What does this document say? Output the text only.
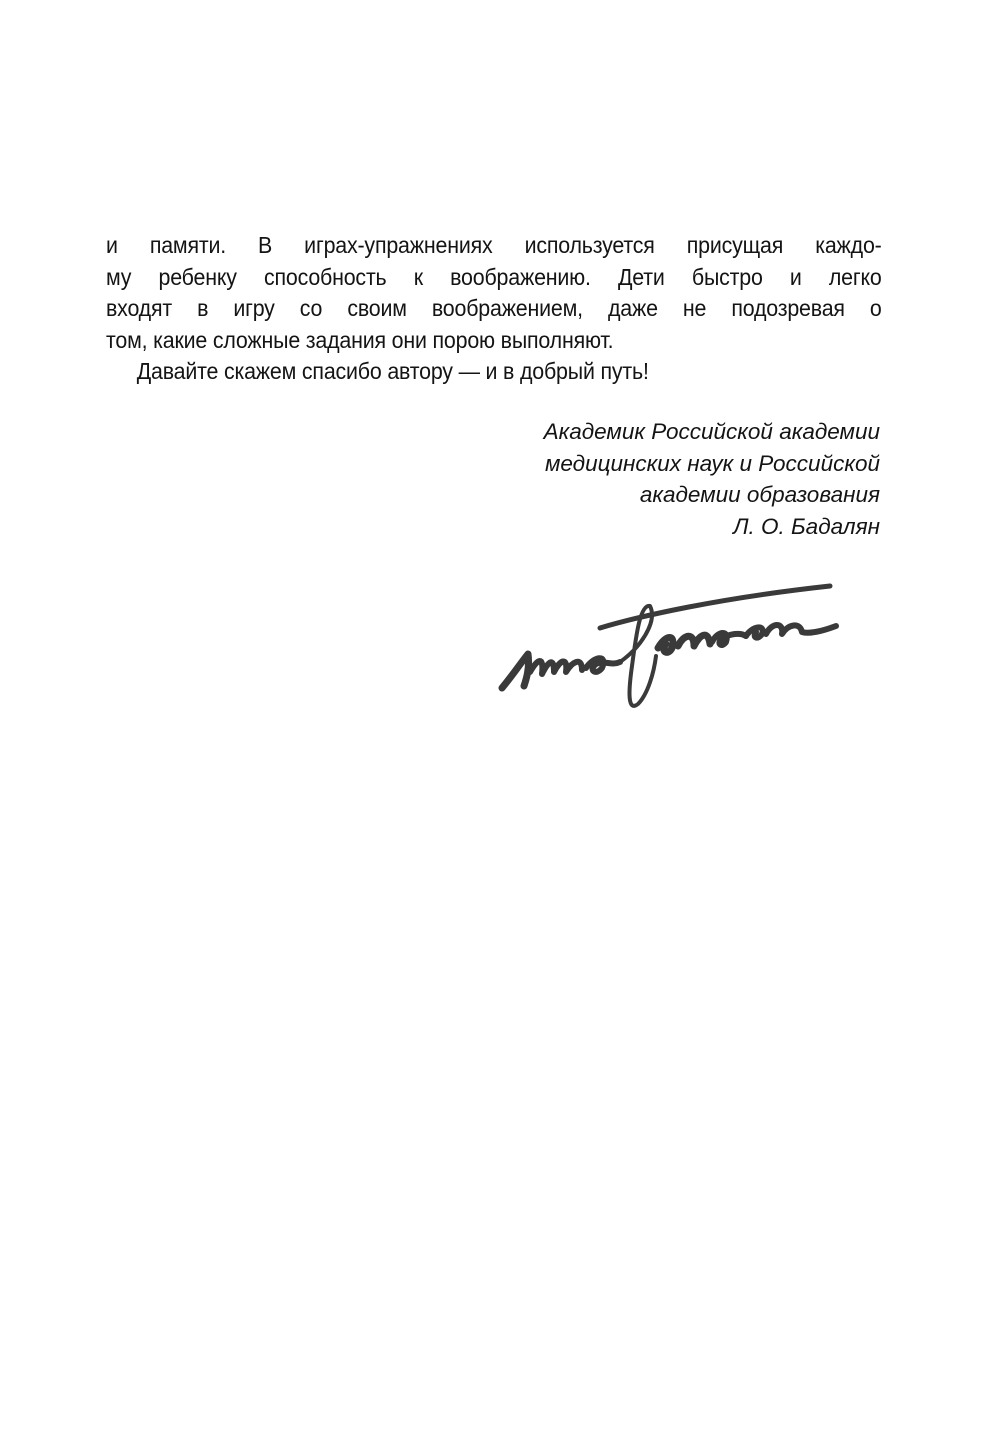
и памяти. В играх-упражнениях используется присущая каждо-
му ребенку способность к воображению. Дети быстро и легко
входят в игру со своим воображением, даже не подозревая о
том, какие сложные задания они порою выполняют.
Давайте скажем спасибо автору — и в добрый путь!
Академик Российской академии
медицинских наук и Российской
академии образования
Л. О. Бадалян
